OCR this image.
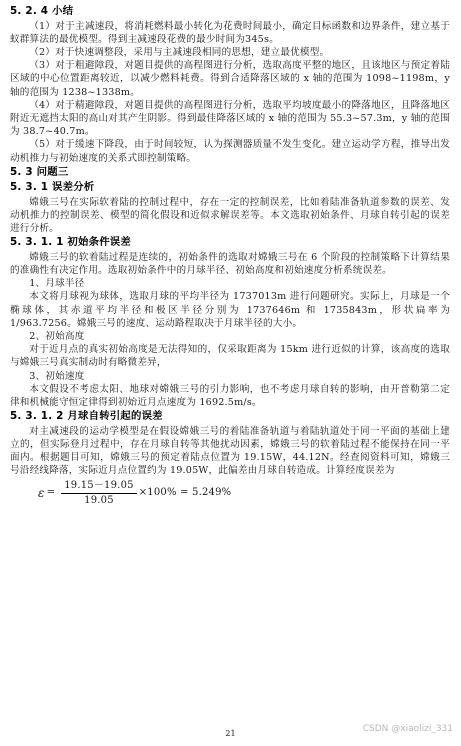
5. 2. 4 小结

（1）对于主减速段，将消耗燃料最小转化为花费时间最小，确定目标函数和边界条件，建立基于蚁群算法的最优模型。得到主减速段花费的最少时间为345s。

（2）对于快速调整段，采用与主减速段相同的思想，建立最优模型。

（3）对于粗避障段，对题目提供的高程图进行分析，选取高度平整的地区，且该地区与预定着陆区域的中心位置距离较近，以减少燃料耗费。得到合适降落区域的 x 轴的范围为 1098~1198m，y 轴的范围为 1238~1338m。

（4）对于精避障段，对题目提供的高程图进行分析，选取平均坡度最小的降落地区，且降落地区附近无遮挡太阳的高山对其产生阴影。得到最佳降落区域的 x 轴的范围为 55.3~57.3m，y 轴的范围为 38.7~40.7m。

（5）对于缓速下降段，由于时间较短，认为探测器质量不发生变化。建立运动学方程，推导出发动机推力与初始速度的关系式即控制策略。

5. 3 问题三
5. 3. 1 误差分析

嫦娥三号在实际软着陆的控制过程中，存在一定的控制误差，比如着陆准备轨道参数的误差、发动机推力的控制误差、模型的简化假设和近似求解误差等。本文选取初始条件、月球自转引起的误差进行分析。

5. 3. 1. 1 初始条件误差

嫦娥三号的软着陆过程是连续的，初始条件的选取对嫦娥三号在 6 个阶段的控制策略下计算结果的准确性有决定作用。选取初始条件中的月球半径、初始高度和初始速度分析系统误差。

1、月球半径

本文将月球视为球体，选取月球的平均半径为 1737013m 进行问题研究。实际上，月球是一个椭球体，其赤道平均半径和极区半径分别为 1737646m 和 1735843m，形状扁率为 1/963.7256。嫦娥三号的速度、运动路程取决于月球半径的大小。

2、初始高度

对于近月点的真实初始高度是无法得知的，仅采取距离为 15km 进行近似的计算，该高度的选取与嫦娥三号真实制动时有略微差异，

3、初始速度

本文假设不考虑太阳、地球对嫦娥三号的引力影响，也不考虑月球自转的影响，由开普勒第二定律和机械能守恒定律得到初始近月点速度为 1692.5m/s。

5. 3. 1. 2 月球自转引起的误差

对主减速段的运动学模型是在假设嫦娥三号的着陆准备轨道与着陆轨道处于同一平面的基础上建立的，但实际登月过程中，存在月球自转等其他扰动因素，嫦娥三号的软着陆过程不能保持在同一平面内。根据题目可知，嫦娥三号的预定着陆点位置为 19.15W，44.12N。经查阅资料可知，嫦娥三号沿经线降落，实际近月点位置约为 19.05W，此偏差由月球自转造成。计算经度误差为

$\varepsilon = \frac{19.15-19.05}{19.05} \times 100\% = 5.249\%$
21	CSDN @xiaolizi_331
